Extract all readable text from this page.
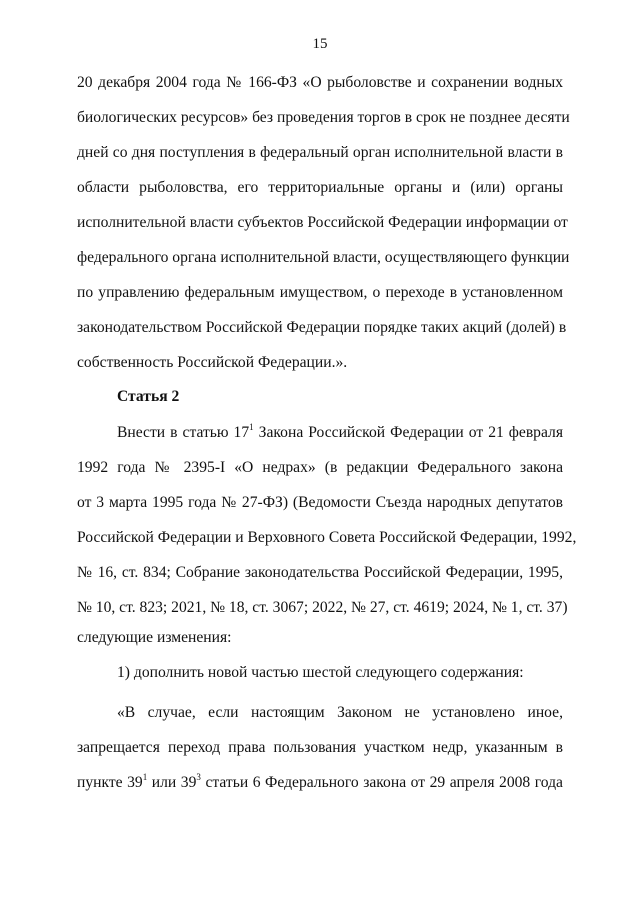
15
20 декабря 2004 года № 166-ФЗ «О рыболовстве и сохранении водных
биологических ресурсов» без проведения торгов в срок не позднее десяти
дней со дня поступления в федеральный орган исполнительной власти в
области рыболовства, его территориальные органы и (или) органы
исполнительной власти субъектов Российской Федерации информации от
федерального органа исполнительной власти, осуществляющего функции
по управлению федеральным имуществом, о переходе в установленном
законодательством Российской Федерации порядке таких акций (долей) в
собственность Российской Федерации.».
Статья 2
Внести в статью $17^1$ Закона Российской Федерации от 21 февраля
1992 года № 2395-I «О недрах» (в редакции Федерального закона
от 3 марта 1995 года № 27-ФЗ) (Ведомости Съезда народных депутатов
Российской Федерации и Верховного Совета Российской Федерации, 1992,
№ 16, ст. 834; Собрание законодательства Российской Федерации, 1995,
№ 10, ст. 823; 2021, № 18, ст. 3067; 2022, № 27, ст. 4619; 2024, № 1, ст. 37)
следующие изменения:
1) дополнить новой частью шестой следующего содержания:
«В случае, если настоящим Законом не установлено иное,
запрещается переход права пользования участком недр, указанным в
пункте $39^1$ или $39^3$ статьи 6 Федерального закона от 29 апреля 2008 года
